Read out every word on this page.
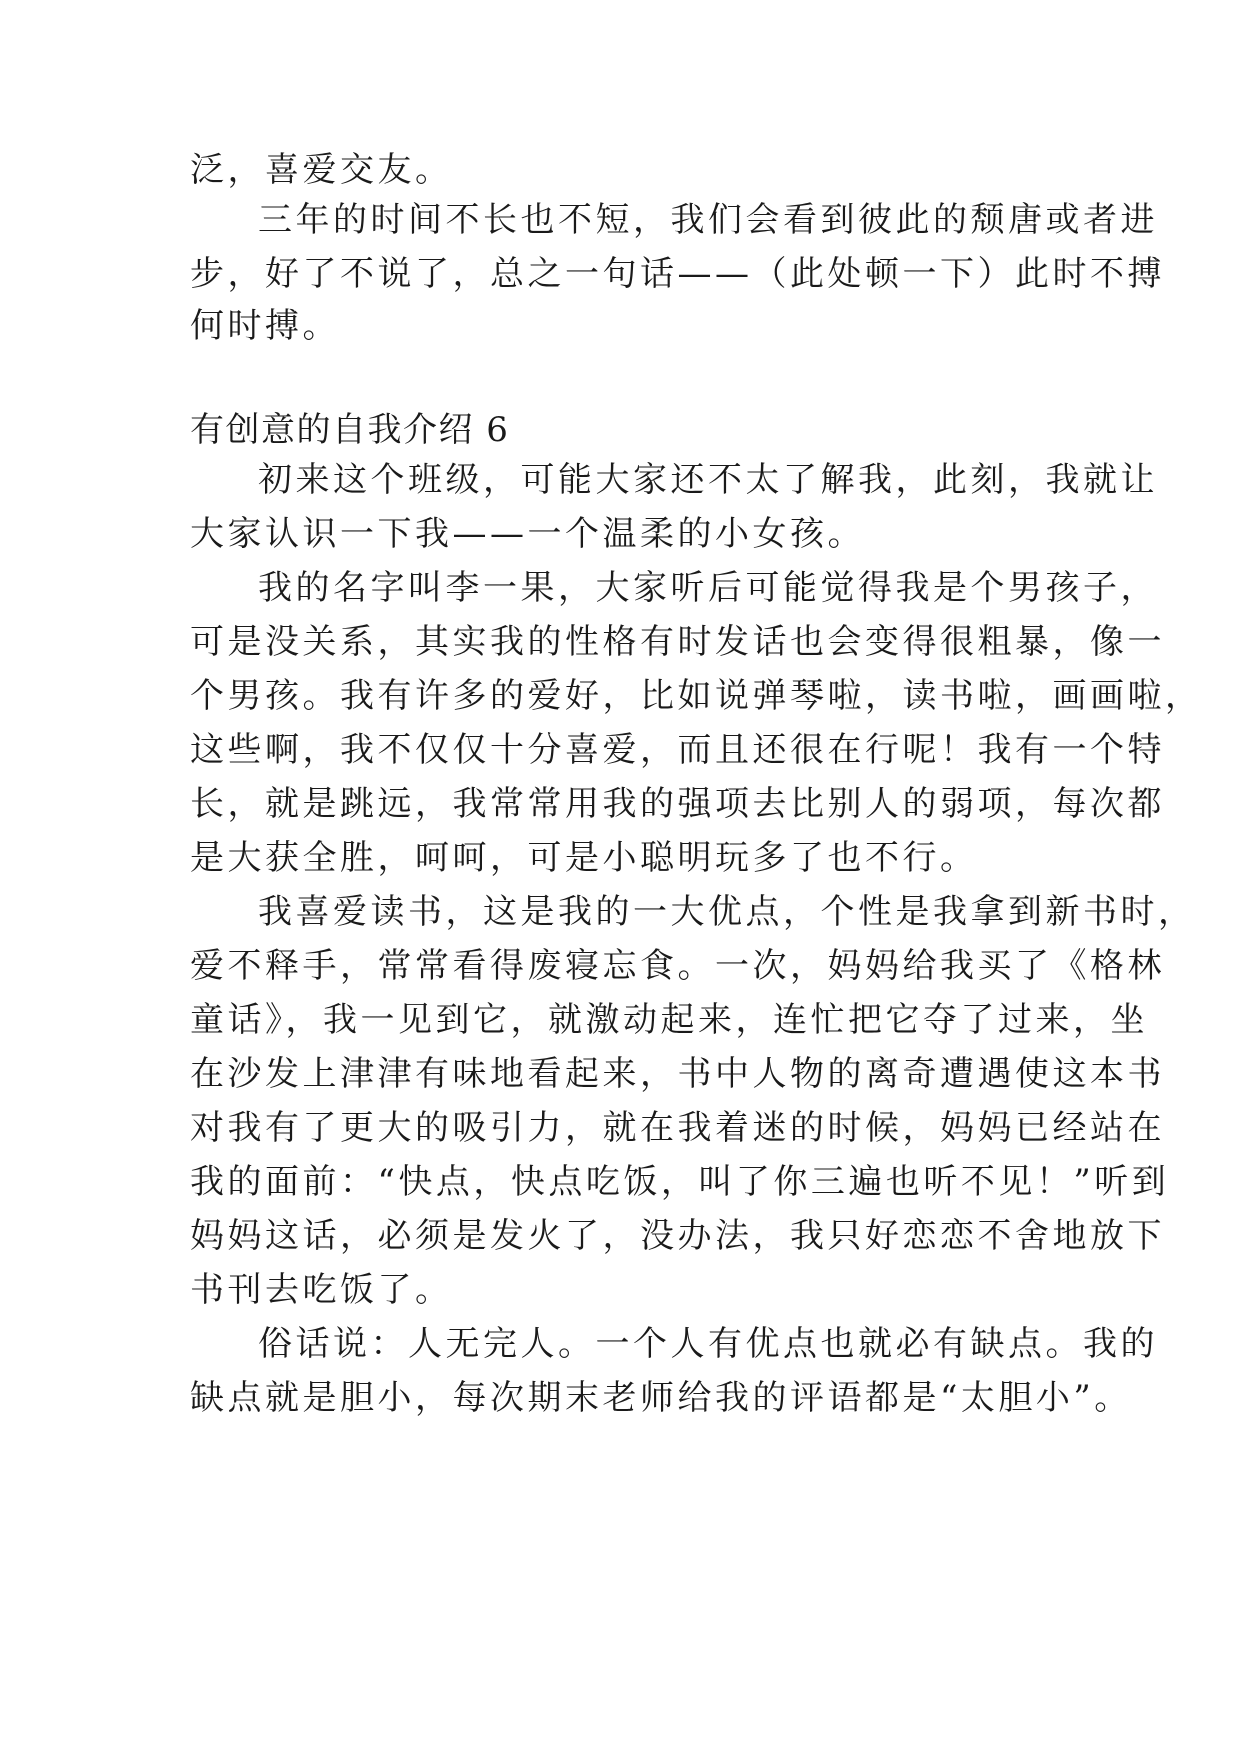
泛，喜爱交友。
三年的时间不长也不短，我们会看到彼此的颓唐或者进
步，好了不说了，总之一句话——（此处顿一下）此时不搏
何时搏。
有创意的自我介绍 6
初来这个班级，可能大家还不太了解我，此刻，我就让
大家认识一下我——一个温柔的小女孩。
我的名字叫李一果，大家听后可能觉得我是个男孩子，
可是没关系，其实我的性格有时发话也会变得很粗暴，像一
个男孩。我有许多的爱好，比如说弹琴啦，读书啦，画画啦，
这些啊，我不仅仅十分喜爱，而且还很在行呢！我有一个特
长，就是跳远，我常常用我的强项去比别人的弱项，每次都
是大获全胜，呵呵，可是小聪明玩多了也不行。
我喜爱读书，这是我的一大优点，个性是我拿到新书时，
爱不释手，常常看得废寝忘食。一次，妈妈给我买了《格林
童话》，我一见到它，就激动起来，连忙把它夺了过来，坐
在沙发上津津有味地看起来，书中人物的离奇遭遇使这本书
对我有了更大的吸引力，就在我着迷的时候，妈妈已经站在
我的面前：“快点，快点吃饭，叫了你三遍也听不见！”听到
妈妈这话，必须是发火了，没办法，我只好恋恋不舍地放下
书刊去吃饭了。
俗话说：人无完人。一个人有优点也就必有缺点。我的
缺点就是胆小，每次期末老师给我的评语都是“太胆小”。
